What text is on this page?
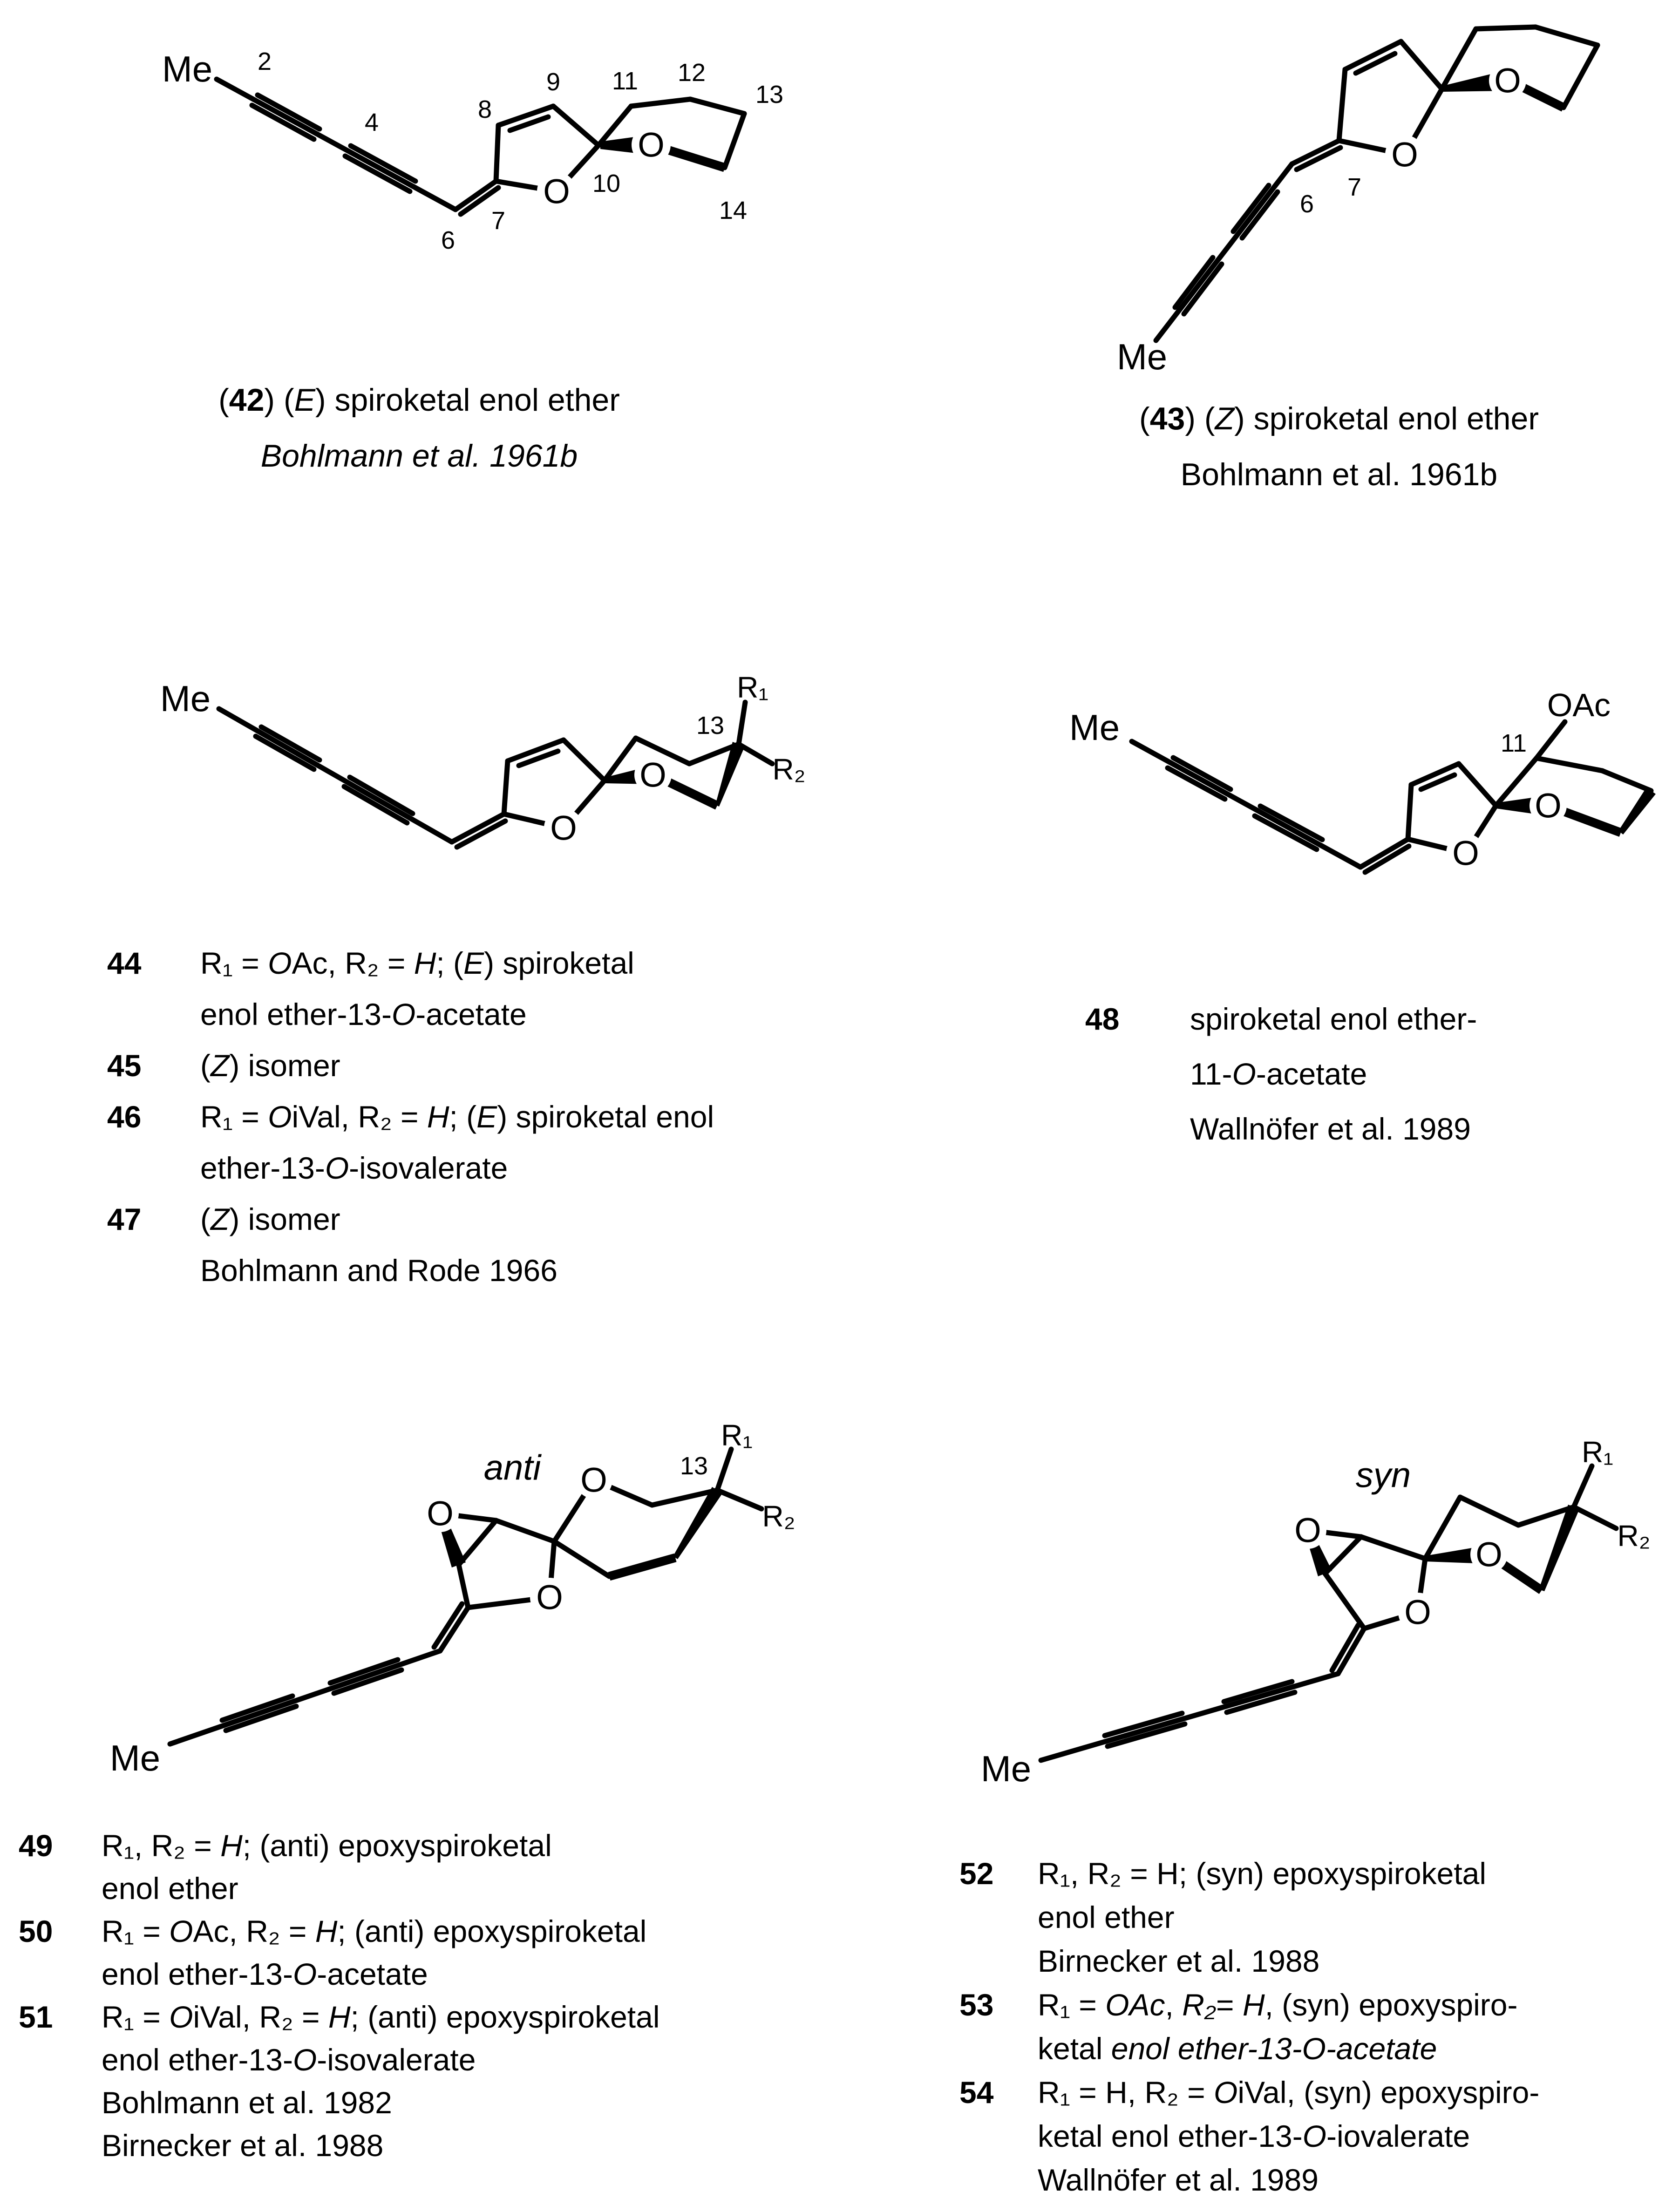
Me
O
O
2
4
6
7
8
9
10
11 12
13
14
(42) (E) spiroketal enol ether
Bohlmann et al. 1961b
Me
O
O
6
7
(43) (Z) spiroketal enol ether
Bohlmann et al. 1961b
Me
O
O
13
R₁
R₂
44	R₁ = OAc, R₂ = H; (E) spiroketal
enol ether-13-O-acetate
45	(Z) isomer
46	R₁ = OiVal, R₂ = H; (E) spiroketal enol
ether-13-O-isovalerate
47	(Z) isomer
Bohlmann and Rode 1966
Me
O
O
OAc
11
48	spiroketal enol ether-
11-O-acetate
Wallnöfer et al. 1989
anti
O
O
O
Me
13
R₁
R₂
49	R₁, R₂ = H; (anti) epoxyspiroketal
enol ether
50	R₁ = OAc, R₂ = H; (anti) epoxyspiroketal
enol ether-13-O-acetate
51	R₁ = OiVal, R₂ = H; (anti) epoxyspiroketal
enol ether-13-O-isovalerate
Bohlmann et al. 1982
Birnecker et al. 1988
syn
O
O
O
Me
R₁
R₂
52	R₁, R₂ = H; (syn) epoxyspiroketal
enol ether
Birnecker et al. 1988
53	R₁ = OAc, R₂= H, (syn) epoxyspiro-
ketal enol ether-13-O-acetate
54	R₁ = H, R₂ = OiVal, (syn) epoxyspiro-
ketal enol ether-13-O-iovalerate
Wallnöfer et al. 1989
